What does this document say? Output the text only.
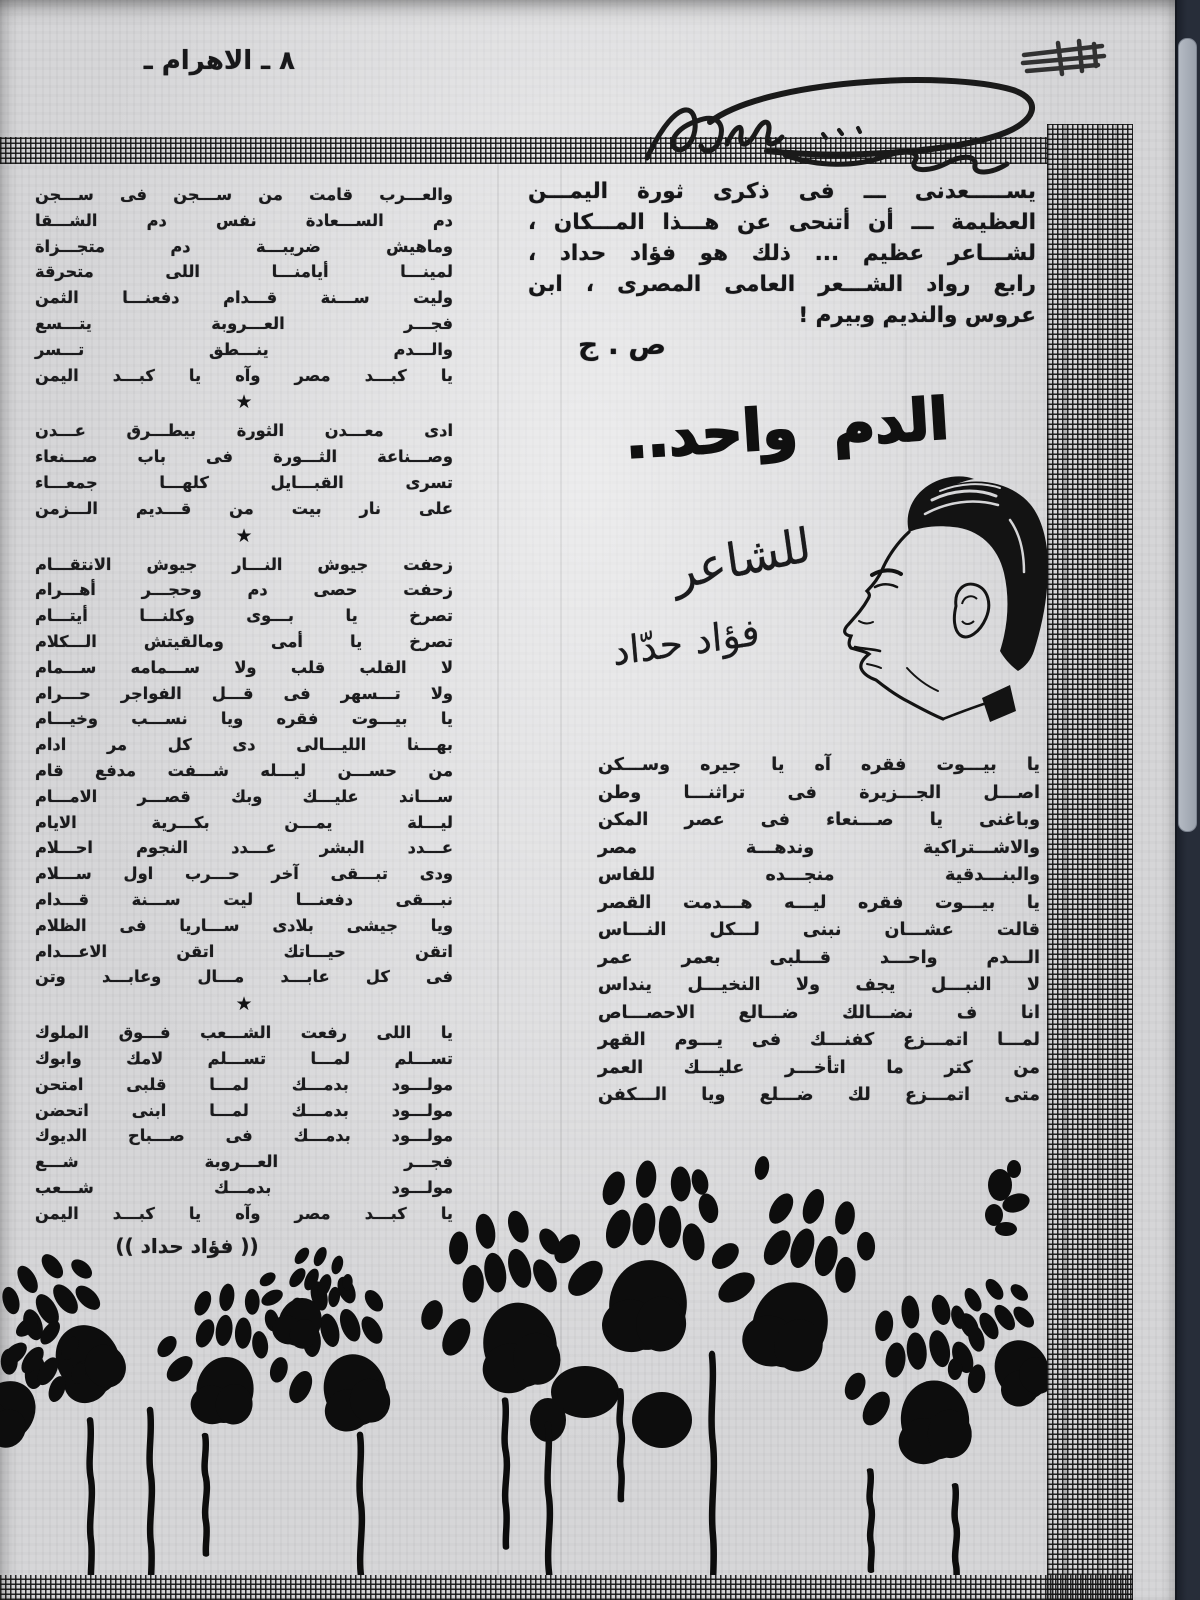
٨ ـ الاهرام ـ
يســـــعدنى ـــ فى ذكرى ثورة اليمـــن
العظيمة ـــ أن أتنحى عن هـــذا المـــكان ،
لشـــاعر عظيم ... ذلك هو فؤاد حداد ،
رابع رواد الشـــعر العامى المصرى ، ابن
عروس والنديم وبيرم !
ص . ج
الدم واحد..
للشاعر
فؤاد حدّاد
يا بيـــوت فقره آه يا جيره وســـكن
اصـــل الجـــزيرة فى تراثنـــا وطن
وباغنى يا صـــنعاء فى عصر المكن
والاشـــتراكية وندهـــة مصر
والبنـــدقية منجـــده للفاس
يا بيـــوت فقره ليـــه هـــدمت القصر
قالت عشـــان نبنى لـــكل النـــاس
الـــدم واحـــد قـــلبى بعمر عمر
لا النبـــل يجف ولا النخيـــل ينداس
انا ف نضـــالك ضـــالع الاحصـــاص
لمـــا اتمـــزع كفنـــك فى يـــوم القهر
من كتر ما اتأخـــر عليـــك العمر
متى اتمـــزع لك ضـــلع ويا الـــكفن
والعـــرب قامت من ســـجن فى ســـجن
دم الســـعادة نفس دم الشـــقا
وماهيش ضريبـــة دم متجـــزاة
لمينـــا أيامنـــا اللى متحرقة
وليت ســـنة قـــدام دفعنـــا الثمن
فجـــر العـــروبة يتـــسع
والـــدم ينـــطق تـــسر
يا كبـــد مصر وآه يا كبـــد اليمن
★
ادى معـــدن الثورة بيطـــرق عـــدن
وصـــناعة الثـــورة فى باب صـــنعاء
تسرى القبـــايل كلهـــا جمعـــاء
على نار بيت من قـــديم الـــزمن
★
زحفت جيوش النـــار جيوش الانتقـــام
زحفت حصى دم وحجـــر أهـــرام
تصرخ يا بـــوى وكلنـــا أيتـــام
تصرخ يا أمى ومالقيتش الـــكلام
لا القلب قلب ولا ســـمامه ســـمام
ولا تـــسهر فى قـــل الفواجر حـــرام
يا بيـــوت فقره ويا نســـب وخيـــام
بهـــنا الليـــالى دى كل مر ادام
من حســـن ليـــله شـــفت مدفع قام
ســـاند عليـــك وبك قصـــر الامـــام
ليـــلة يمـــن بكـــرية الايام
عـــدد البشر عـــدد النجوم احـــلام
ودى تبـــقى آخر حـــرب اول ســـلام
نبـــقى دفعنـــا ليت ســـنة قـــدام
ويا جيشى بلادى ســـاريا فى الظلام
اتقن حيـــاتك اتقن الاعـــدام
فى كل عابـــد مـــال وعابـــد وتن
★
يا اللى رفعت الشـــعب فـــوق الملوك
تســـلم لمـــا تســـلم لامك وابوك
مولـــود بدمـــك لمـــا قلبى امتحن
مولـــود بدمـــك لمـــا ابنى اتحضن
مولـــود بدمـــك فى صـــباح الديوك
فجـــر العـــروبة شـــع
مولـــود بدمـــك شـــعب
يا كبـــد مصر وآه يا كبـــد اليمن
(( فؤاد حداد ))
